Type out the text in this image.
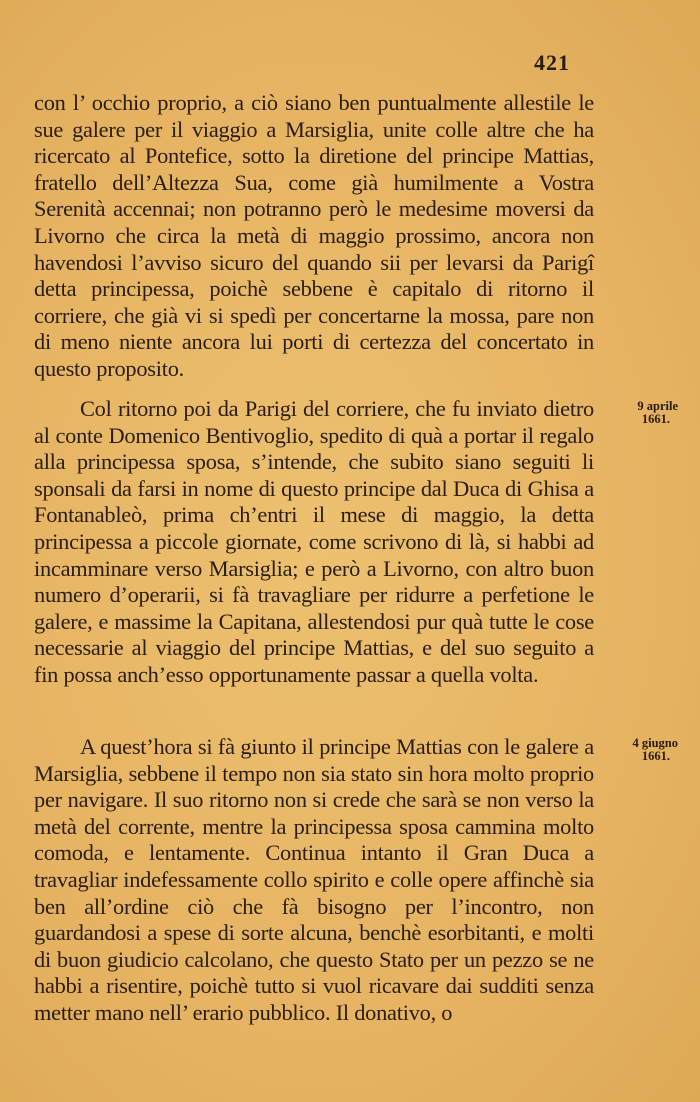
421

con l’ occhio proprio, a ciò siano ben puntualmente allestile le sue galere per il viaggio a Marsiglia, unite colle altre che ha ricercato al Pontefice, sotto la diretione del principe Mattias, fratello dell’Altezza Sua, come già humilmente a Vostra Serenità accennai; non potranno però le medesime moversi da Livorno che circa la metà di maggio prossimo, ancora non havendosi l’avviso sicuro del quando sii per levarsi da Parigî detta principessa, poichè sebbene è capitalo di ritorno il corriere, che già vi si spedì per concertarne la mossa, pare non di meno niente ancora lui porti di certezza del concertato in questo proposito.

9 aprile
1661.

Col ritorno poi da Parigi del corriere, che fu inviato dietro al conte Domenico Bentivoglio, spedito di quà a portar il regalo alla principessa sposa, s’intende, che subito siano seguiti li sponsali da farsi in nome di questo principe dal Duca di Ghisa a Fontanableò, prima ch’entri il mese di maggio, la detta principessa a piccole giornate, come scrivono di là, si habbi ad incamminare verso Marsiglia; e però a Livorno, con altro buon numero d’operarii, si fà travagliare per ridurre a perfetione le galere, e massime la Capitana, allestendosi pur quà tutte le cose necessarie al viaggio del principe Mattias, e del suo seguito a fin possa anch’esso opportunamente passar a quella volta.

4 giugno
1661.

A quest’hora si fà giunto il principe Mattias con le galere a Marsiglia, sebbene il tempo non sia stato sin hora molto proprio per navigare. Il suo ritorno non si crede che sarà se non verso la metà del corrente, mentre la principessa sposa cammina molto comoda, e lentamente. Continua intanto il Gran Duca a travagliar indefessamente collo spirito e colle opere affinchè sia ben all’ordine ciò che fà bisogno per l’incontro, non guardandosi a spese di sorte alcuna, benchè esorbitanti, e molti di buon giudicio calcolano, che questo Stato per un pezzo se ne habbi a risentire, poichè tutto si vuol ricavare dai sudditi senza metter mano nell’ erario pubblico. Il donativo, o
